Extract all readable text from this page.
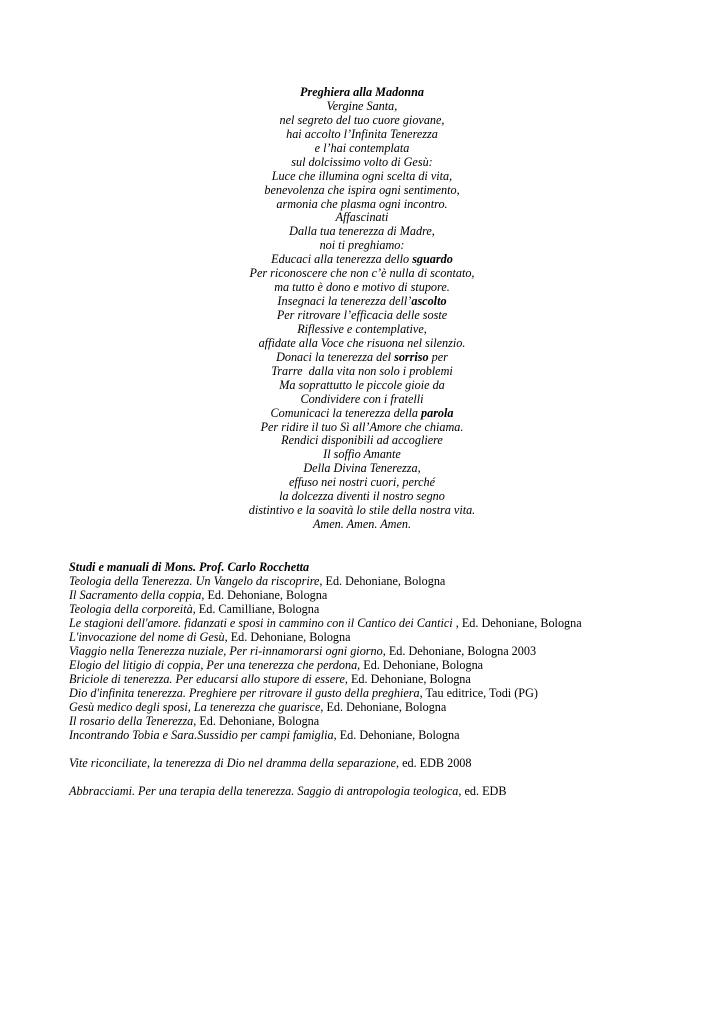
Preghiera alla Madonna
Vergine Santa,
nel segreto del tuo cuore giovane,
hai accolto l’Infinita Tenerezza
e l’hai contemplata
sul dolcissimo volto di Gesù:
Luce che illumina ogni scelta di vita,
benevolenza che ispira ogni sentimento,
armonia che plasma ogni incontro.
Affascinati
Dalla tua tenerezza di Madre,
noi ti preghiamo:
Educaci alla tenerezza dello sguardo
Per riconoscere che non c’è nulla di scontato,
ma tutto è dono e motivo di stupore.
Insegnaci la tenerezza dell’ascolto
Per ritrovare l’efficacia delle soste
Riflessive e contemplative,
affidate alla Voce che risuona nel silenzio.
Donaci la tenerezza del sorriso per
Trarre  dalla vita non solo i problemi
Ma soprattutto le piccole gioie da
Condividere con i fratelli
Comunicaci la tenerezza della parola
Per ridire il tuo Sì all’Amore che chiama.
Rendici disponibili ad accogliere
Il soffio Amante
Della Divina Tenerezza,
effuso nei nostri cuori, perché
la dolcezza diventi il nostro segno
distintivo e la soavità lo stile della nostra vita.
Amen. Amen. Amen.
Studi e manuali di Mons. Prof. Carlo Rocchetta
Teologia della Tenerezza. Un Vangelo da riscoprire, Ed. Dehoniane, Bologna
Il Sacramento della coppia, Ed. Dehoniane, Bologna
Teologia della corporeità, Ed. Camilliane, Bologna
Le stagioni dell'amore. fidanzati e sposi in cammino con il Cantico dei Cantici , Ed. Dehoniane, Bologna
L'invocazione del nome di Gesù, Ed. Dehoniane, Bologna
Viaggio nella Tenerezza nuziale, Per ri-innamorarsi ogni giorno, Ed. Dehoniane, Bologna 2003
Elogio del litigio di coppia, Per una tenerezza che perdona, Ed. Dehoniane, Bologna
Briciole di tenerezza. Per educarsi allo stupore di essere, Ed. Dehoniane, Bologna
Dio d'infinita tenerezza. Preghiere per ritrovare il gusto della preghiera, Tau editrice, Todi (PG)
Gesù medico degli sposi, La tenerezza che guarisce, Ed. Dehoniane, Bologna
Il rosario della Tenerezza, Ed. Dehoniane, Bologna
Incontrando Tobia e Sara.Sussidio per campi famiglia, Ed. Dehoniane, Bologna
Vite riconciliate, la tenerezza di Dio nel dramma della separazione, ed. EDB 2008
Abbracciami. Per una terapia della tenerezza. Saggio di antropologia teologica, ed. EDB
